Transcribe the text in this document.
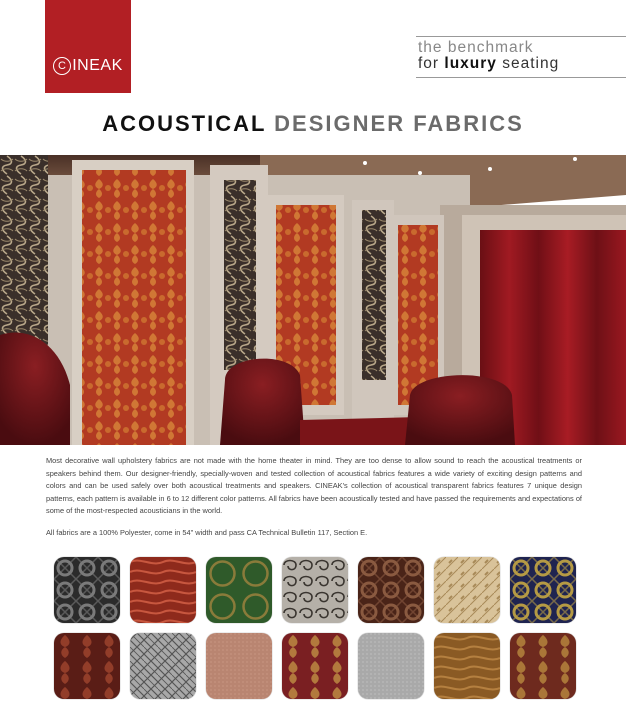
C INEAK
the benchmark
for luxury seating
ACOUSTICAL DESIGNER FABRICS

Most decorative wall upholstery fabrics are not made with the home theater in mind. They are too dense to allow sound to reach the acoustical treatments or speakers behind them. Our designer-friendly, specially-woven and tested collection of acoustical fabrics features a wide variety of exciting design patterns and colors and can be used safely over both acoustical treatments and speakers. CINEAK's collection of acoustical transparent fabrics features 7 unique design patterns, each pattern is available in 6 to 12 different color patterns. All fabrics have been acoustically tested and have passed the requirements and expectations of some of the most-respected acousticians in the world.

All fabrics are a 100% Polyester, come in 54" width and pass CA Technical Bulletin 117, Section E.
